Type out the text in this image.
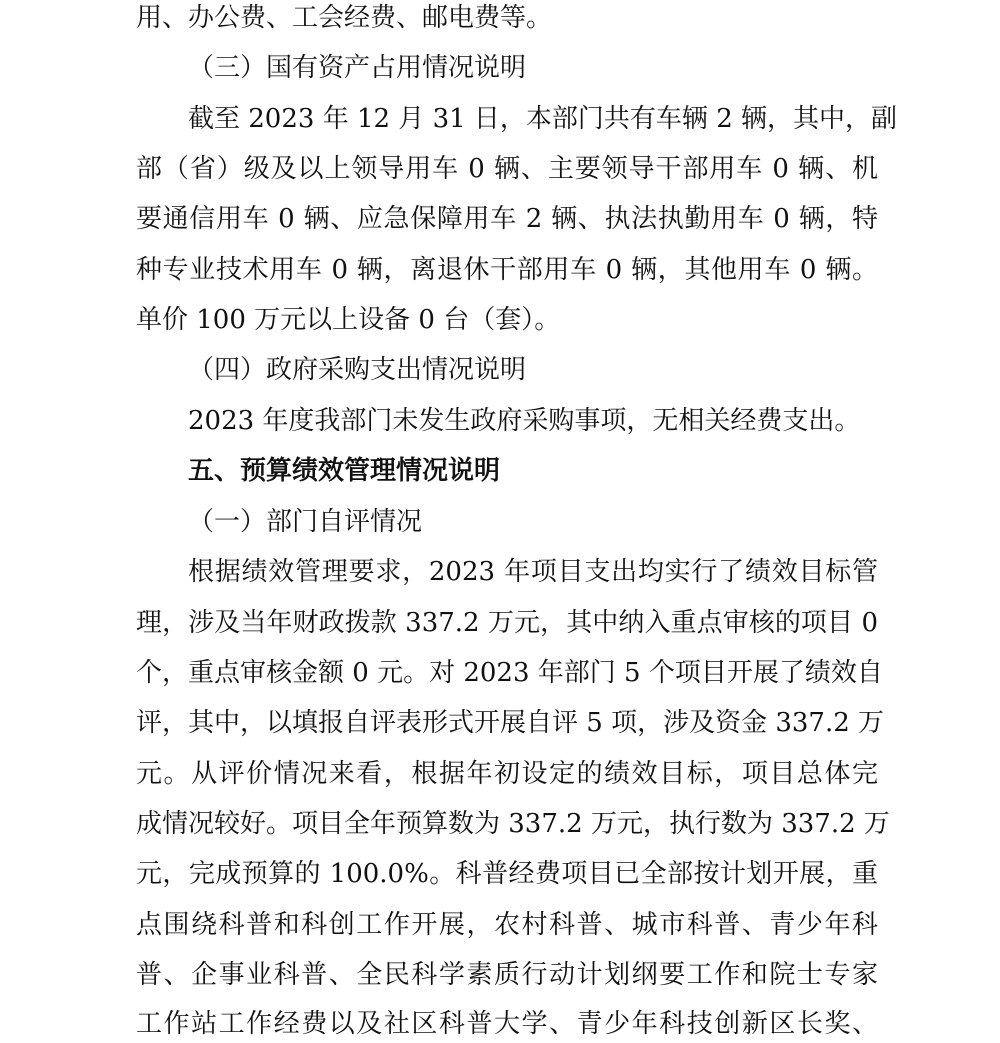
用、办公费、工会经费、邮电费等。
（三）国有资产占用情况说明
截至 2023 年 12 月 31 日，本部门共有车辆 2 辆，其中，副
部（省）级及以上领导用车 0 辆、主要领导干部用车 0 辆、机
要通信用车 0 辆、应急保障用车 2 辆、执法执勤用车 0 辆，特
种专业技术用车 0 辆，离退休干部用车 0 辆，其他用车 0 辆。
单价 100 万元以上设备 0 台（套）。
（四）政府采购支出情况说明
2023 年度我部门未发生政府采购事项，无相关经费支出。
五、预算绩效管理情况说明
（一）部门自评情况
根据绩效管理要求，2023 年项目支出均实行了绩效目标管
理，涉及当年财政拨款 337.2 万元，其中纳入重点审核的项目 0
个，重点审核金额 0 元。对 2023 年部门 5 个项目开展了绩效自
评，其中，以填报自评表形式开展自评 5 项，涉及资金 337.2 万
元。从评价情况来看，根据年初设定的绩效目标，项目总体完
成情况较好。项目全年预算数为 337.2 万元，执行数为 337.2 万
元，完成预算的 100.0%。科普经费项目已全部按计划开展，重
点围绕科普和科创工作开展，农村科普、城市科普、青少年科
普、企事业科普、全民科学素质行动计划纲要工作和院士专家
工作站工作经费以及社区科普大学、青少年科技创新区长奖、
